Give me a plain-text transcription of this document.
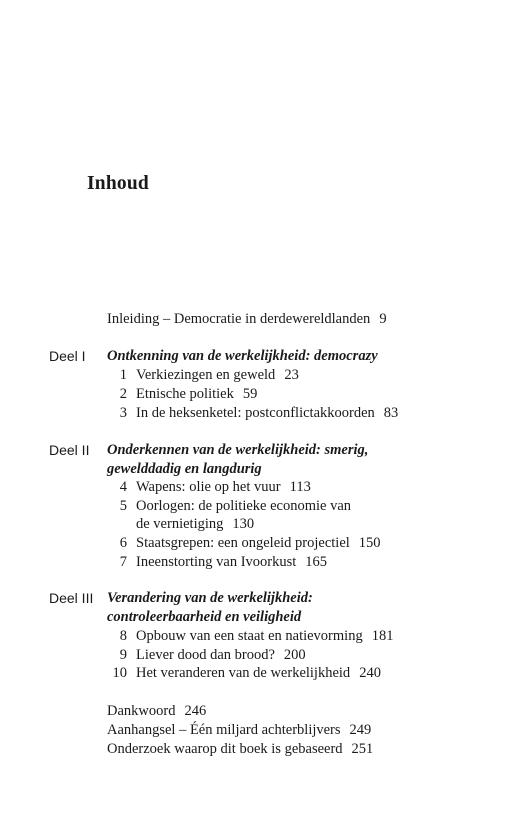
Inhoud
Inleiding – Democratie in derdewereldlanden 9
Deel I Ontkenning van de werkelijkheid: democrazy
1 Verkiezingen en geweld 23
2 Etnische politiek 59
3 In de heksenketel: postconflictakkoorden 83
Deel II Onderkennen van de werkelijkheid: smerig,
gewelddadig en langdurig
4 Wapens: olie op het vuur 113
5 Oorlogen: de politieke economie van
de vernietiging 130
6 Staatsgrepen: een ongeleid projectiel 150
7 Ineenstorting van Ivoorkust 165
Deel III Verandering van de werkelijkheid:
controleerbaarheid en veiligheid
8 Opbouw van een staat en natievorming 181
9 Liever dood dan brood? 200
10 Het veranderen van de werkelijkheid 240
Dankwoord 246
Aanhangsel – Één miljard achterblijvers 249
Onderzoek waarop dit boek is gebaseerd 251
